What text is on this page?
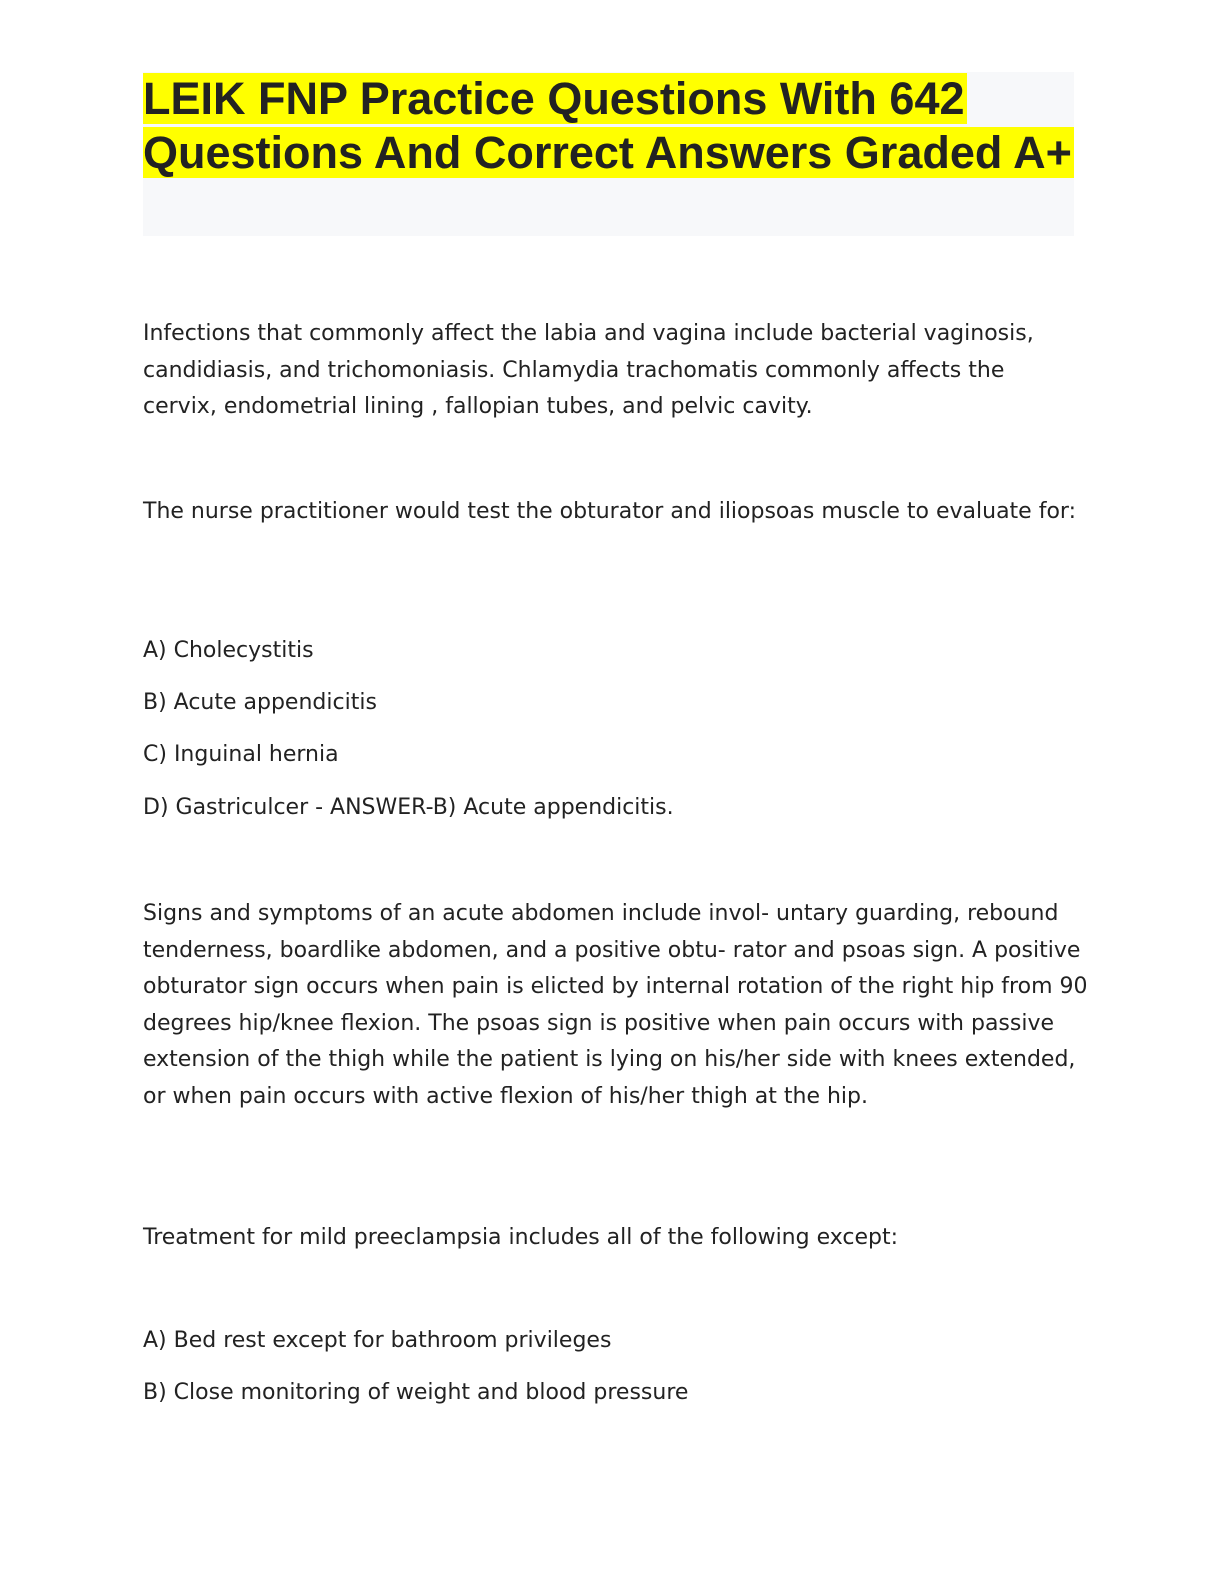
LEIK FNP Practice Questions With 642 Questions And Correct Answers Graded A+

Infections that commonly affect the labia and vagina include bacterial vaginosis, candidiasis, and trichomoniasis. Chlamydia trachomatis commonly affects the cervix, endometrial lining , fallopian tubes, and pelvic cavity.

The nurse practitioner would test the obturator and iliopsoas muscle to evaluate for:

A) Cholecystitis

B) Acute appendicitis

C) Inguinal hernia

D) Gastriculcer - ANSWER-B) Acute appendicitis.

Signs and symptoms of an acute abdomen include invol- untary guarding, rebound tenderness, boardlike abdomen, and a positive obtu- rator and psoas sign. A positive obturator sign occurs when pain is elicted by internal rotation of the right hip from 90 degrees hip/knee flexion. The psoas sign is positive when pain occurs with passive extension of the thigh while the patient is lying on his/her side with knees extended, or when pain occurs with active flexion of his/her thigh at the hip.

Treatment for mild preeclampsia includes all of the following except:

A) Bed rest except for bathroom privileges

B) Close monitoring of weight and blood pressure
